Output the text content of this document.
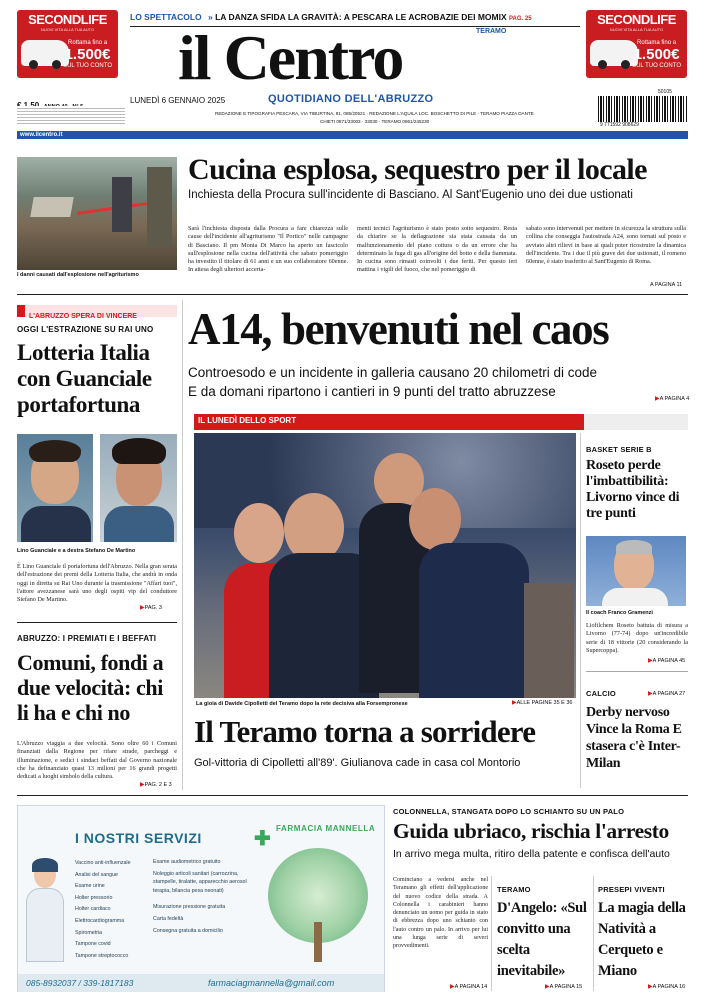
SECONDLIFE
NUOVI VITA ALLA TUA AUTO
Rottama fino a
1.500€
SUL TUO CONTO
SECONDLIFE
NUOVI VITA ALLA TUA AUTO
Rottama fino a
1.500€
SUL TUO CONTO
LO SPETTACOLO » LA DANZA SFIDA LA GRAVITÀ: A PESCARA LE ACROBAZIE DEI MOMIX PAG. 25
il Centro	TERAMO
LUNEDÌ 6 GENNAIO 2025	QUOTIDIANO DELL'ABRUZZO
REDAZIONE E TIPOGRAFIA PESCARA, VIA TIBURTINA, 91, 085/20521 · REDAZIONE L'AQUILA LOC. BOSCHETTO DI PILE · TERAMO PIAZZA DANTE
CHIETI 0871/33003 · 33030 · TERAMO 0861/245230
50105
9 771592 908629
www.ilcentro.it
I danni causati dall'esplosione nell'agriturismo
Cucina esplosa, sequestro per il locale
Inchiesta della Procura sull'incidente di Basciano. Al Sant'Eugenio uno dei due ustionati
Sarà l'inchiesta disposta dalla Procura a fare chiarezza sulle cause dell'incidente all'agriturismo "Il Portico" nelle campagne di Basciano. Il pm Monia Di Marco ha aperto un fascicolo sull'esplosione nella cucina dell'attività che sabato pomeriggio ha investito il titolare di 61 anni e un suo collaboratore 60enne. In attesa degli ulteriori accerta-
menti tecnici l'agriturismo è stato posto sotto sequestro. Resta da chiarire se la deflagrazione sia stata causata da un malfunzionamento del piano cottura o da un errore che ha determinato la fuga di gas all'origine del botto e della fiammata. In cucina sono rimasti coinvolti i due feriti. Per questo ieri mattina i vigili del fuoco, che nel pomeriggio di
sabato sono intervenuti per mettere in sicurezza la struttura sulla collina che conseggia l'autostrada A24, sono tornati sul posto e avviato altri rilievi in base ai quali poter ricostruire la dinamica dell'incidente. Tra i due il più grave dei due ustionati, il romeno 60enne, è stato trasferito al Sant'Eugenio di Roma.
A PAGINA 11
L'ABRUZZO SPERA DI VINCERE
OGGI L'ESTRAZIONE SU RAI UNO
Lotteria Italia con Guanciale portafortuna
Lino Guanciale e a destra Stefano De Martino
È Lino Guanciale il portafortuna dell'Abruzzo. Nella gran serata dell'estrazione dei premi della Lotteria Italia, che andrà in onda oggi in diretta su Rai Uno durante la trasmissione "Affari tuoi", l'attore avezzanese sarà uno degli ospiti vip del conduttore Stefano De Martino.
▶PAG. 3
ABRUZZO: I PREMIATI E I BEFFATI
Comuni, fondi a due velocità: chi li ha e chi no
L'Abruzzo viaggia a due velocità. Sono oltre 60 i Comuni finanziati dalla Regione per rifare strade, parcheggi e illuminazione, e sedici i sindaci beffati dal Governo nazionale che ha definanziato quasi 13 milioni per 16 grandi progetti dedicati a luoghi simbolo della cultura.
▶PAG. 2 E 3
A14, benvenuti nel caos
Controesodo e un incidente in galleria causano 20 chilometri di code
E da domani ripartono i cantieri in 9 punti del tratto abruzzese	▶A PAGINA 4
IL LUNEDÌ DELLO SPORT
La gioia di Davide Cipolletti del Teramo dopo la rete decisiva alla Forsempronese	▶ALLE PAGINE 35 E 36
Il Teramo torna a sorridere
Gol-vittoria di Cipolletti all'89'. Giulianova cade in casa col Montorio
BASKET SERIE B
Roseto perde l'imbattibilità: Livorno vince di tre punti
Il coach Franco Gramenzi
Liofilchem Roseto battuta di misura a Livorno (77-74) dopo un'incredibile serie di 18 vittorie (20 considerando la Supercoppa).
▶A PAGINA 45
CALCIO	▶A PAGINA 27
Derby nervoso Vince la Roma E stasera c'è Inter-Milan
I NOSTRI SERVIZI	✚ FARMACIA MANNELLA
Vaccino anti-influenzale
Analisi del sangue
Esame urine
Holter pressorio
Holter cardiaco
Elettrocardiogramma
Spirometria
Tampone covid
Tampone streptococco
Esame audiometrico gratuito
Noleggio articoli sanitari (carrozzina, stampelle, tiralatte, apparecchio aerosol terapia, bilancia pesa neonati)
Misurazione pressione gratuita
Carta fedeltà
Consegna gratuita a domicilio
085-8932037 / 339-1817183	farmaciagmannella@gmail.com
COLONNELLA, STANGATA DOPO LO SCHIANTO SU UN PALO
Guida ubriaco, rischia l'arresto
In arrivo mega multa, ritiro della patente e confisca dell'auto
Cominciano a vedersi anche nel Teramano gli effetti dell'applicazione del nuovo codice della strada. A Colonnella i carabinieri hanno denunciato un uomo per guida in stato di ebbrezza dopo uno schianto con l'auto contro un palo. In arrivo per lui una lunga serie di severi provvedimenti.
▶A PAGINA 14
TERAMO
D'Angelo: «Sul convitto una scelta inevitabile»
▶A PAGINA 15
PRESEPI VIVENTI
La magia della Natività a Cerqueto e Miano
▶A PAGINA 16
